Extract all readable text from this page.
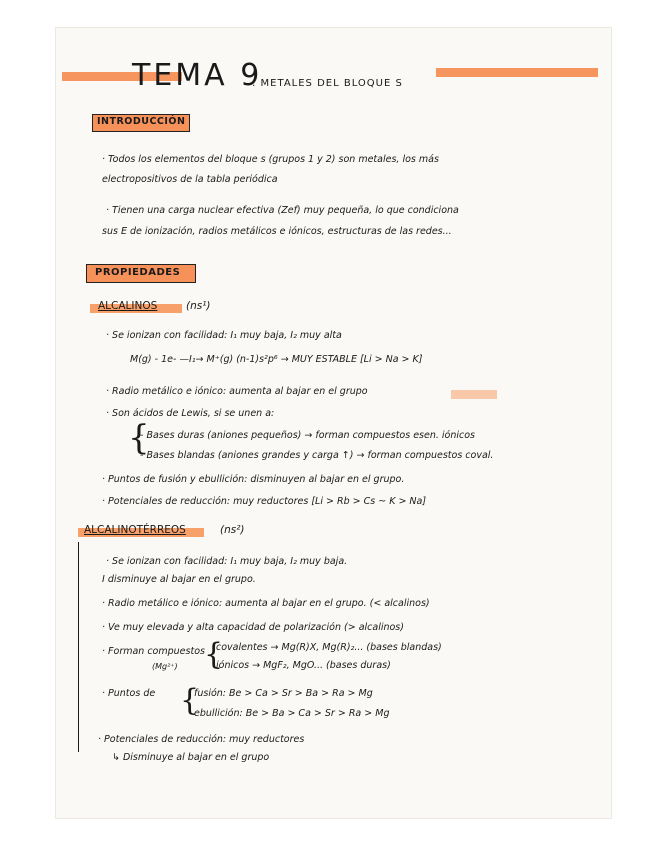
TEMA 9
: METALES DEL BLOQUE S
INTRODUCCIÓN
· Todos los elementos del bloque s (grupos 1 y 2) son metales, los más
electropositivos de la tabla periódica
· Tienen una carga nuclear efectiva (Zef) muy pequeña, lo que condiciona
sus E de ionización, radios metálicos e iónicos, estructuras de las redes...
PROPIEDADES
ALCALINOS	(ns¹)
· Se ionizan con facilidad: I₁ muy baja, I₂ muy alta
M(g) - 1e- —I₁→ M⁺(g) (n-1)s²p⁶ → MUY ESTABLE [Li > Na > K]
· Radio metálico e iónico: aumenta al bajar en el grupo
· Son ácidos de Lewis, si se unen a:
{
- Bases duras (aniones pequeños) → forman compuestos esen. iónicos
- Bases blandas (aniones grandes y carga ↑) → forman compuestos coval.
· Puntos de fusión y ebullición: disminuyen al bajar en el grupo.
· Potenciales de reducción: muy reductores [Li > Rb > Cs ~ K > Na]
ALCALINOTÉRREOS	(ns²)
· Se ionizan con facilidad: I₁ muy baja, I₂ muy baja.
I disminuye al bajar en el grupo.
· Radio metálico e iónico: aumenta al bajar en el grupo. (< alcalinos)
· Ve muy elevada y alta capacidad de polarización (> alcalinos)
· Forman compuestos
(Mg²⁺) {
covalentes → Mg(R)X, Mg(R)₂... (bases blandas)
iónicos → MgF₂, MgO... (bases duras)
· Puntos de {
fusión: Be > Ca > Sr > Ba > Ra > Mg
ebullición: Be > Ba > Ca > Sr > Ra > Mg
· Potenciales de reducción: muy reductores
↳ Disminuye al bajar en el grupo
